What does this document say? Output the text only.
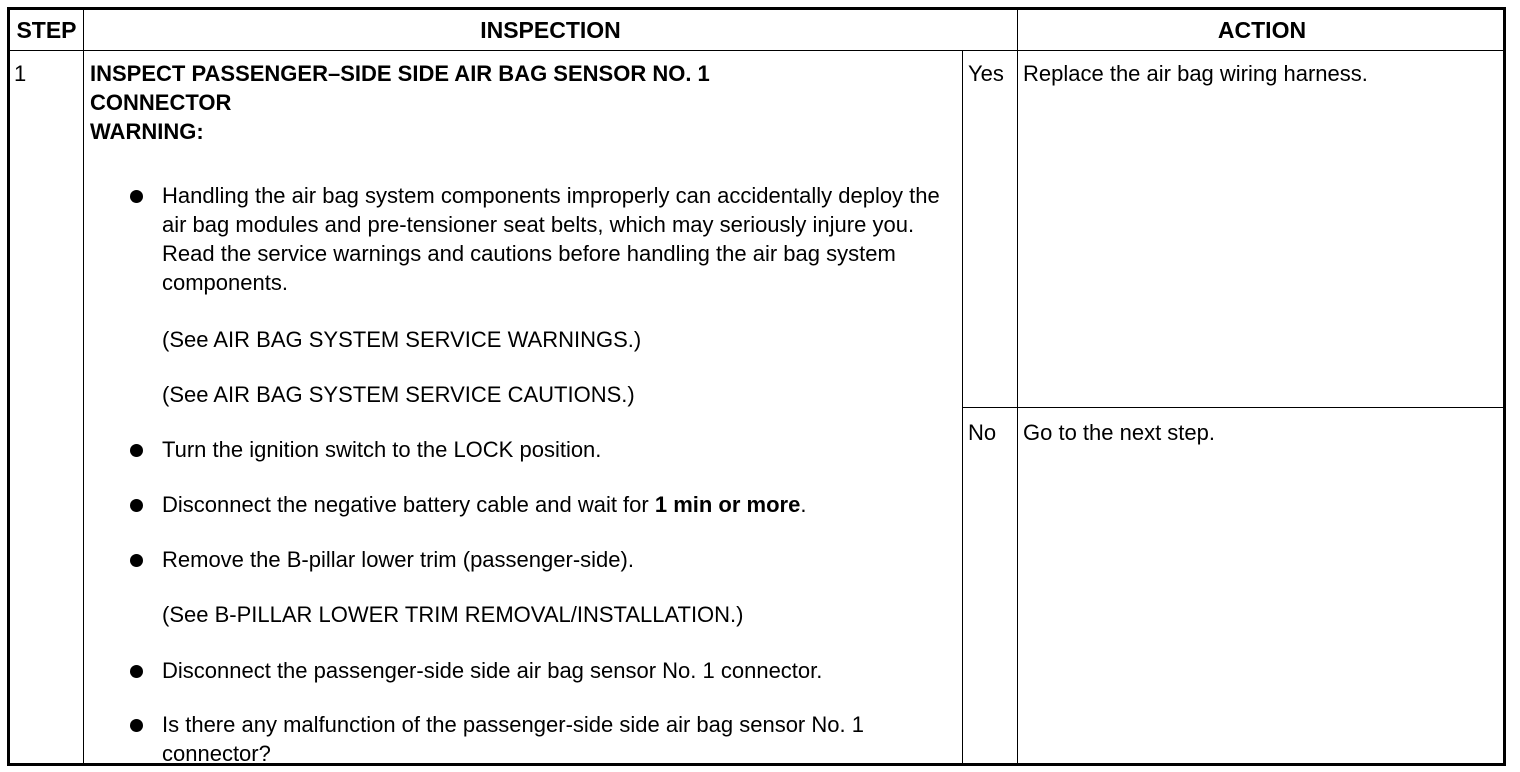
STEP	INSPECTION	ACTION
1	INSPECT PASSENGER–SIDE SIDE AIR BAG SENSOR NO. 1
CONNECTOR
WARNING:
Handling the air bag system components improperly can accidentally deploy the air bag modules and pre-tensioner seat belts, which may seriously injure you. Read the service warnings and cautions before handling the air bag system components.
(See AIR BAG SYSTEM SERVICE WARNINGS.)
(See AIR BAG SYSTEM SERVICE CAUTIONS.)
Turn the ignition switch to the LOCK position.
Disconnect the negative battery cable and wait for 1 min or more.
Remove the B-pillar lower trim (passenger-side).
(See B-PILLAR LOWER TRIM REMOVAL/INSTALLATION.)
Disconnect the passenger-side side air bag sensor No. 1 connector.
Is there any malfunction of the passenger-side side air bag sensor No. 1 connector?
Yes Replace the air bag wiring harness.
No Go to the next step.
